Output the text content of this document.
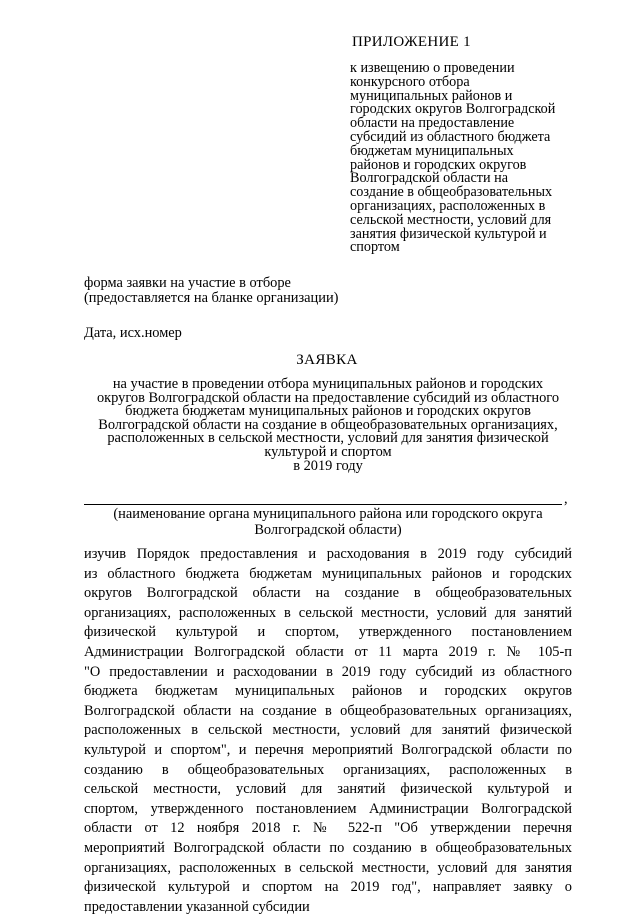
ПРИЛОЖЕНИЕ 1
к извещению о проведении
конкурсного отбора
муниципальных районов и
городских округов Волгоградской
области на предоставление
субсидий из областного бюджета
бюджетам муниципальных
районов и городских округов
Волгоградской области на
создание в общеобразовательных
организациях, расположенных в
сельской местности, условий для
занятия физической культурой и
спортом
форма заявки на участие в отборе
(предоставляется на бланке организации)
Дата, исх.номер
ЗАЯВКА
на участие в проведении отбора муниципальных районов и городских
округов Волгоградской области на предоставление субсидий из областного
бюджета бюджетам муниципальных районов и городских округов
Волгоградской области на создание в общеобразовательных организациях,
расположенных в сельской местности, условий для занятия физической
культурой и спортом
в 2019 году
,
(наименование органа муниципального района или городского округа
Волгоградской области)
изучив Порядок предоставления и расходования в 2019 году субсидий
из областного бюджета бюджетам муниципальных районов и городских
округов Волгоградской области на создание в общеобразовательных
организациях, расположенных в сельской местности, условий для занятий
физической культурой и спортом, утвержденного постановлением
Администрации Волгоградской области от 11 марта 2019 г. № 105-п
"О предоставлении и расходовании в 2019 году субсидий из областного
бюджета бюджетам муниципальных районов и городских округов
Волгоградской области на создание в общеобразовательных организациях,
расположенных в сельской местности, условий для занятий физической
культурой и спортом", и перечня мероприятий Волгоградской области по
созданию в общеобразовательных организациях, расположенных в
сельской местности, условий для занятий физической культурой и
спортом, утвержденного постановлением Администрации Волгоградской
области от 12 ноября 2018 г. № 522-п "Об утверждении перечня
мероприятий Волгоградской области по созданию в общеобразовательных
организациях, расположенных в сельской местности, условий для занятия
физической культурой и спортом на 2019 год", направляет заявку о
предоставлении указанной субсидии
